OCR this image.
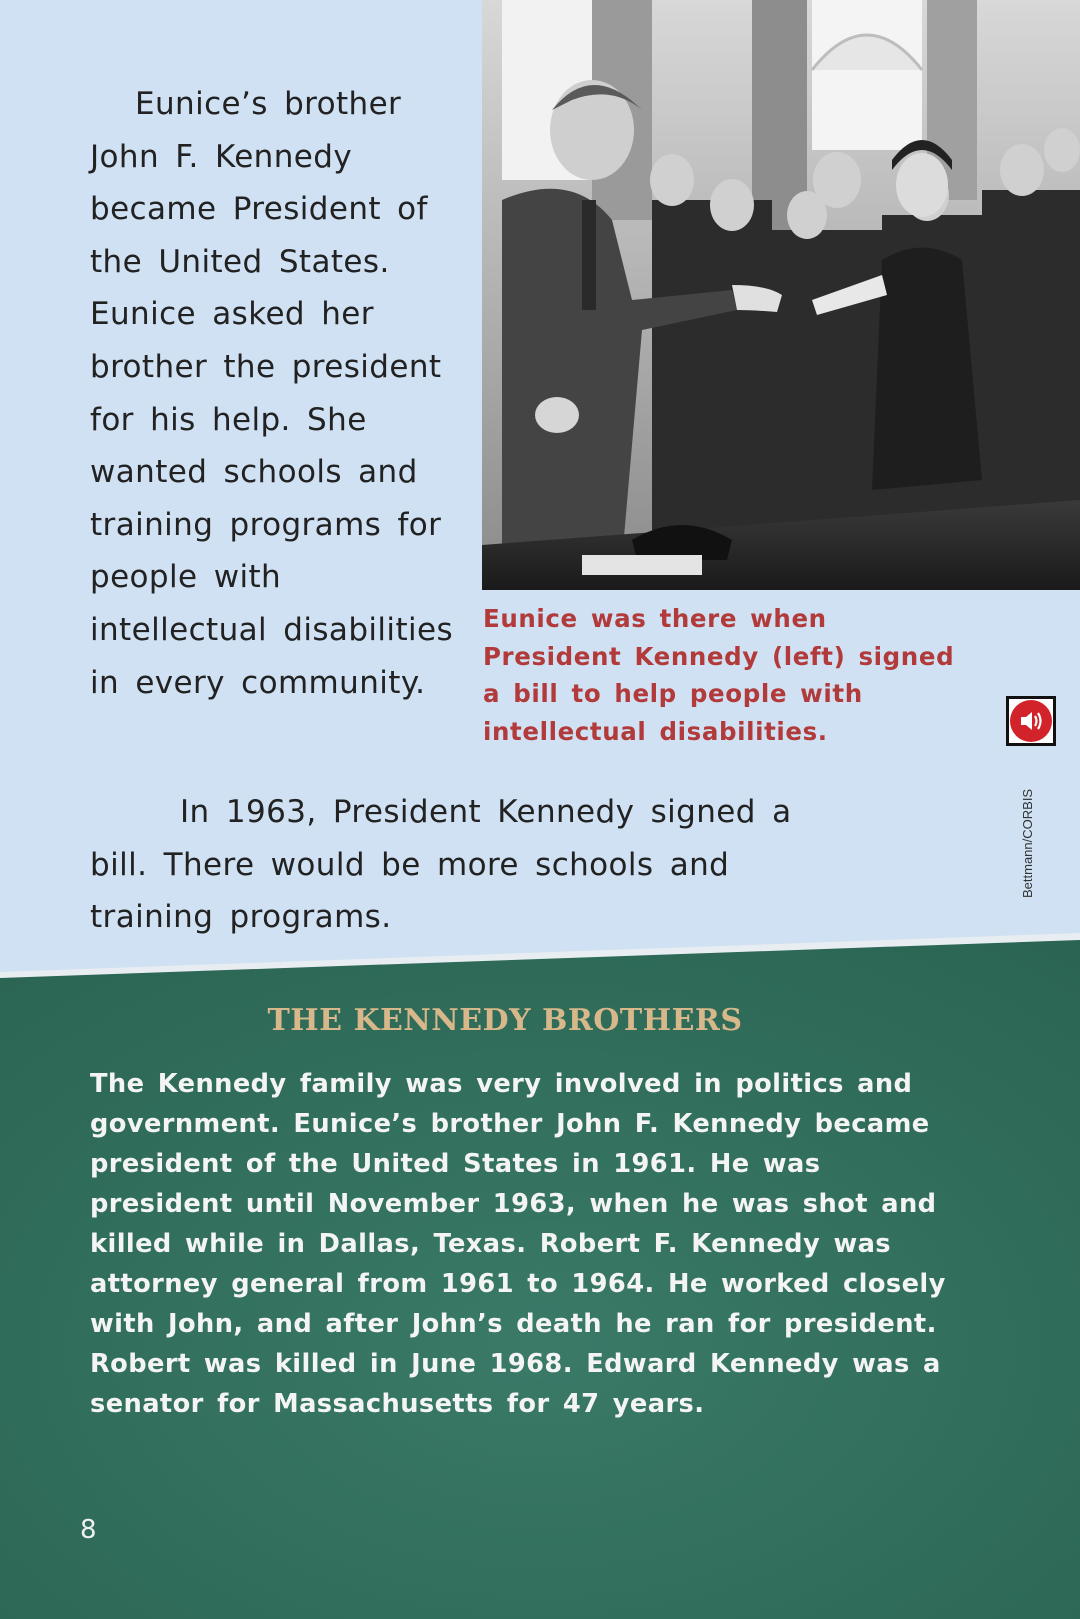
Eunice’s brother John F. Kennedy became President of the United States. Eunice asked her brother the president for his help. She wanted schools and training programs for people with intellectual disabilities in every community.

Eunice was there when President Kennedy (left) signed a bill to help people with intellectual disabilities.

Bettmann/CORBIS

In 1963, President Kennedy signed a bill. There would be more schools and training programs.

THE KENNEDY BROTHERS

The Kennedy family was very involved in politics and government. Eunice’s brother John F. Kennedy became president of the United States in 1961. He was president until November 1963, when he was shot and killed while in Dallas, Texas. Robert F. Kennedy was attorney general from 1961 to 1964. He worked closely with John, and after John’s death he ran for president. Robert was killed in June 1968. Edward Kennedy was a senator for Massachusetts for 47 years.

8
